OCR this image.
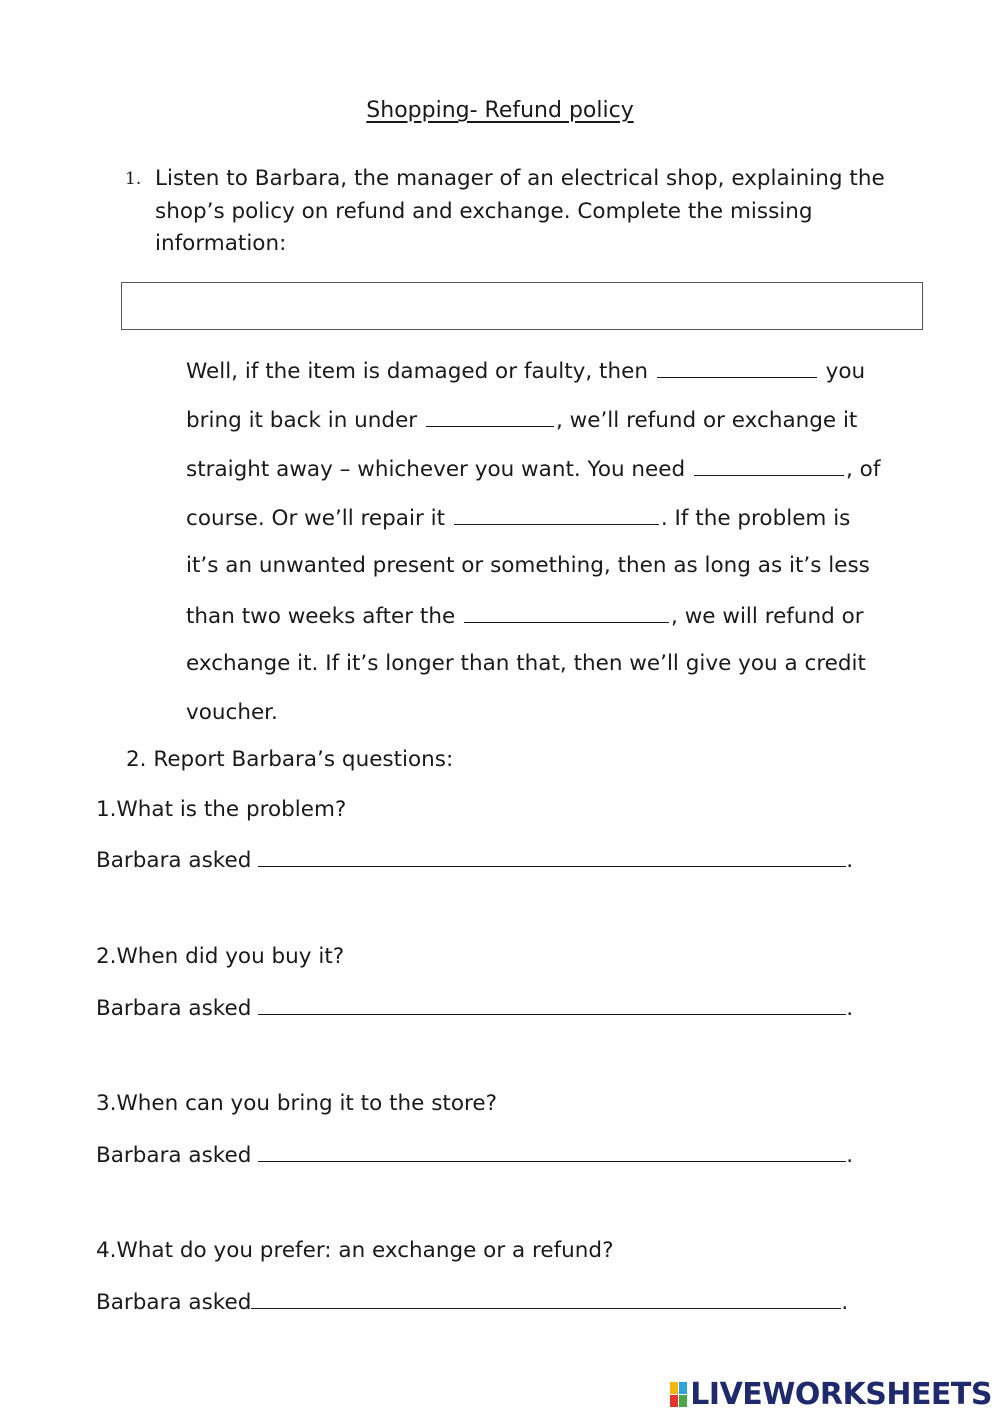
Shopping- Refund policy
1. Listen to Barbara, the manager of an electrical shop, explaining the shop’s policy on refund and exchange. Complete the missing information:
Well, if the item is damaged or faulty, then	you
bring it back in under	, we’ll refund or exchange it
straight away – whichever you want. You need	, of
course. Or we’ll repair it	. If the problem is
it’s an unwanted present or something, then as long as it’s less
than two weeks after the	, we will refund or
exchange it. If it’s longer than that, then we’ll give you a credit
voucher.
2. Report Barbara’s questions:
1.What is the problem?
Barbara asked	.
2.When did you buy it?
Barbara asked	.
3.When can you bring it to the store?
Barbara asked	.
4.What do you prefer: an exchange or a refund?
Barbara asked	.
LIVEWORKSHEETS
